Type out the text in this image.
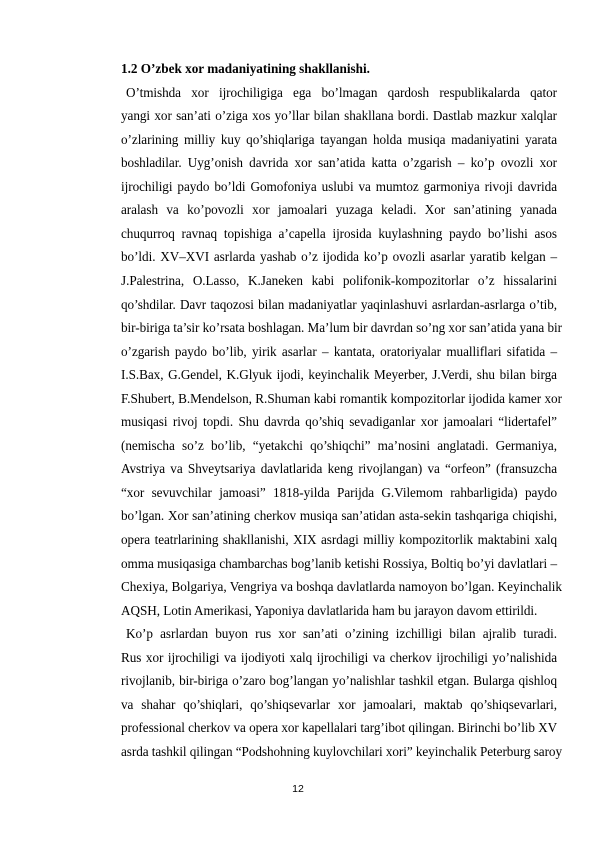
1.2 O’zbek xor madaniyatining shakllanishi.
O’tmishda xor ijrochiligiga ega bo’lmagan qardosh respublikalarda qator
yangi xor san’ati o’ziga xos yo’llar bilan shakllana bordi. Dastlab mazkur xalqlar
o’zlarining milliy kuy qo’shiqlariga tayangan holda musiqa madaniyatini yarata
boshladilar. Uyg’onish davrida xor san’atida katta o’zgarish – ko’p ovozli xor
ijrochiligi paydo bo’ldi Gomofoniya uslubi va mumtoz garmoniya rivoji davrida
aralash va ko’povozli xor jamoalari yuzaga keladi. Xor san’atining yanada
chuqurroq ravnaq topishiga a’capella ijrosida kuylashning paydo bo’lishi asos
bo’ldi. XV–XVI asrlarda yashab o’z ijodida ko’p ovozli asarlar yaratib kelgan –
J.Palestrina, O.Lasso, K.Janeken kabi polifonik-kompozitorlar o’z hissalarini
qo’shdilar. Davr taqozosi bilan madaniyatlar yaqinlashuvi asrlardan-asrlarga o’tib,
bir-biriga ta’sir ko’rsata boshlagan. Ma’lum bir davrdan so’ng xor san’atida yana bir
o’zgarish paydo bo’lib, yirik asarlar – kantata, oratoriyalar mualliflari sifatida –
I.S.Bax, G.Gendel, K.Glyuk ijodi, keyinchalik Meyerber, J.Verdi, shu bilan birga
F.Shubert, B.Mendelson, R.Shuman kabi romantik kompozitorlar ijodida kamer xor
musiqasi rivoj topdi. Shu davrda qo’shiq sevadiganlar xor jamoalari “lidertafel”
(nemischa so’z bo’lib, “yetakchi qo’shiqchi” ma’nosini anglatadi. Germaniya,
Avstriya va Shveytsariya davlatlarida keng rivojlangan) va “orfeon” (fransuzcha
“xor sevuvchilar jamoasi” 1818-yilda Parijda G.Vilemom rahbarligida) paydo
bo’lgan. Xor san’atining cherkov musiqa san’atidan asta-sekin tashqariga chiqishi,
opera teatrlarining shakllanishi, XIX asrdagi milliy kompozitorlik maktabini xalq
omma musiqasiga chambarchas bog’lanib ketishi Rossiya, Boltiq bo’yi davlatlari –
Chexiya, Bolgariya, Vengriya va boshqa davlatlarda namoyon bo’lgan. Keyinchalik
AQSH, Lotin Amerikasi, Yaponiya davlatlarida ham bu jarayon davom ettirildi.
Ko’p asrlardan buyon rus xor san’ati o’zining izchilligi bilan ajralib turadi.
Rus xor ijrochiligi va ijodiyoti xalq ijrochiligi va cherkov ijrochiligi yo’nalishida
rivojlanib, bir-biriga o’zaro bog’langan yo’nalishlar tashkil etgan. Bularga qishloq
va shahar qo’shiqlari, qo’shiqsevarlar xor jamoalari, maktab qo’shiqsevarlari,
professional cherkov va opera xor kapellalari targ’ibot qilingan. Birinchi bo’lib XV
asrda tashkil qilingan “Podshohning kuylovchilari xori” keyinchalik Peterburg saroy
12
